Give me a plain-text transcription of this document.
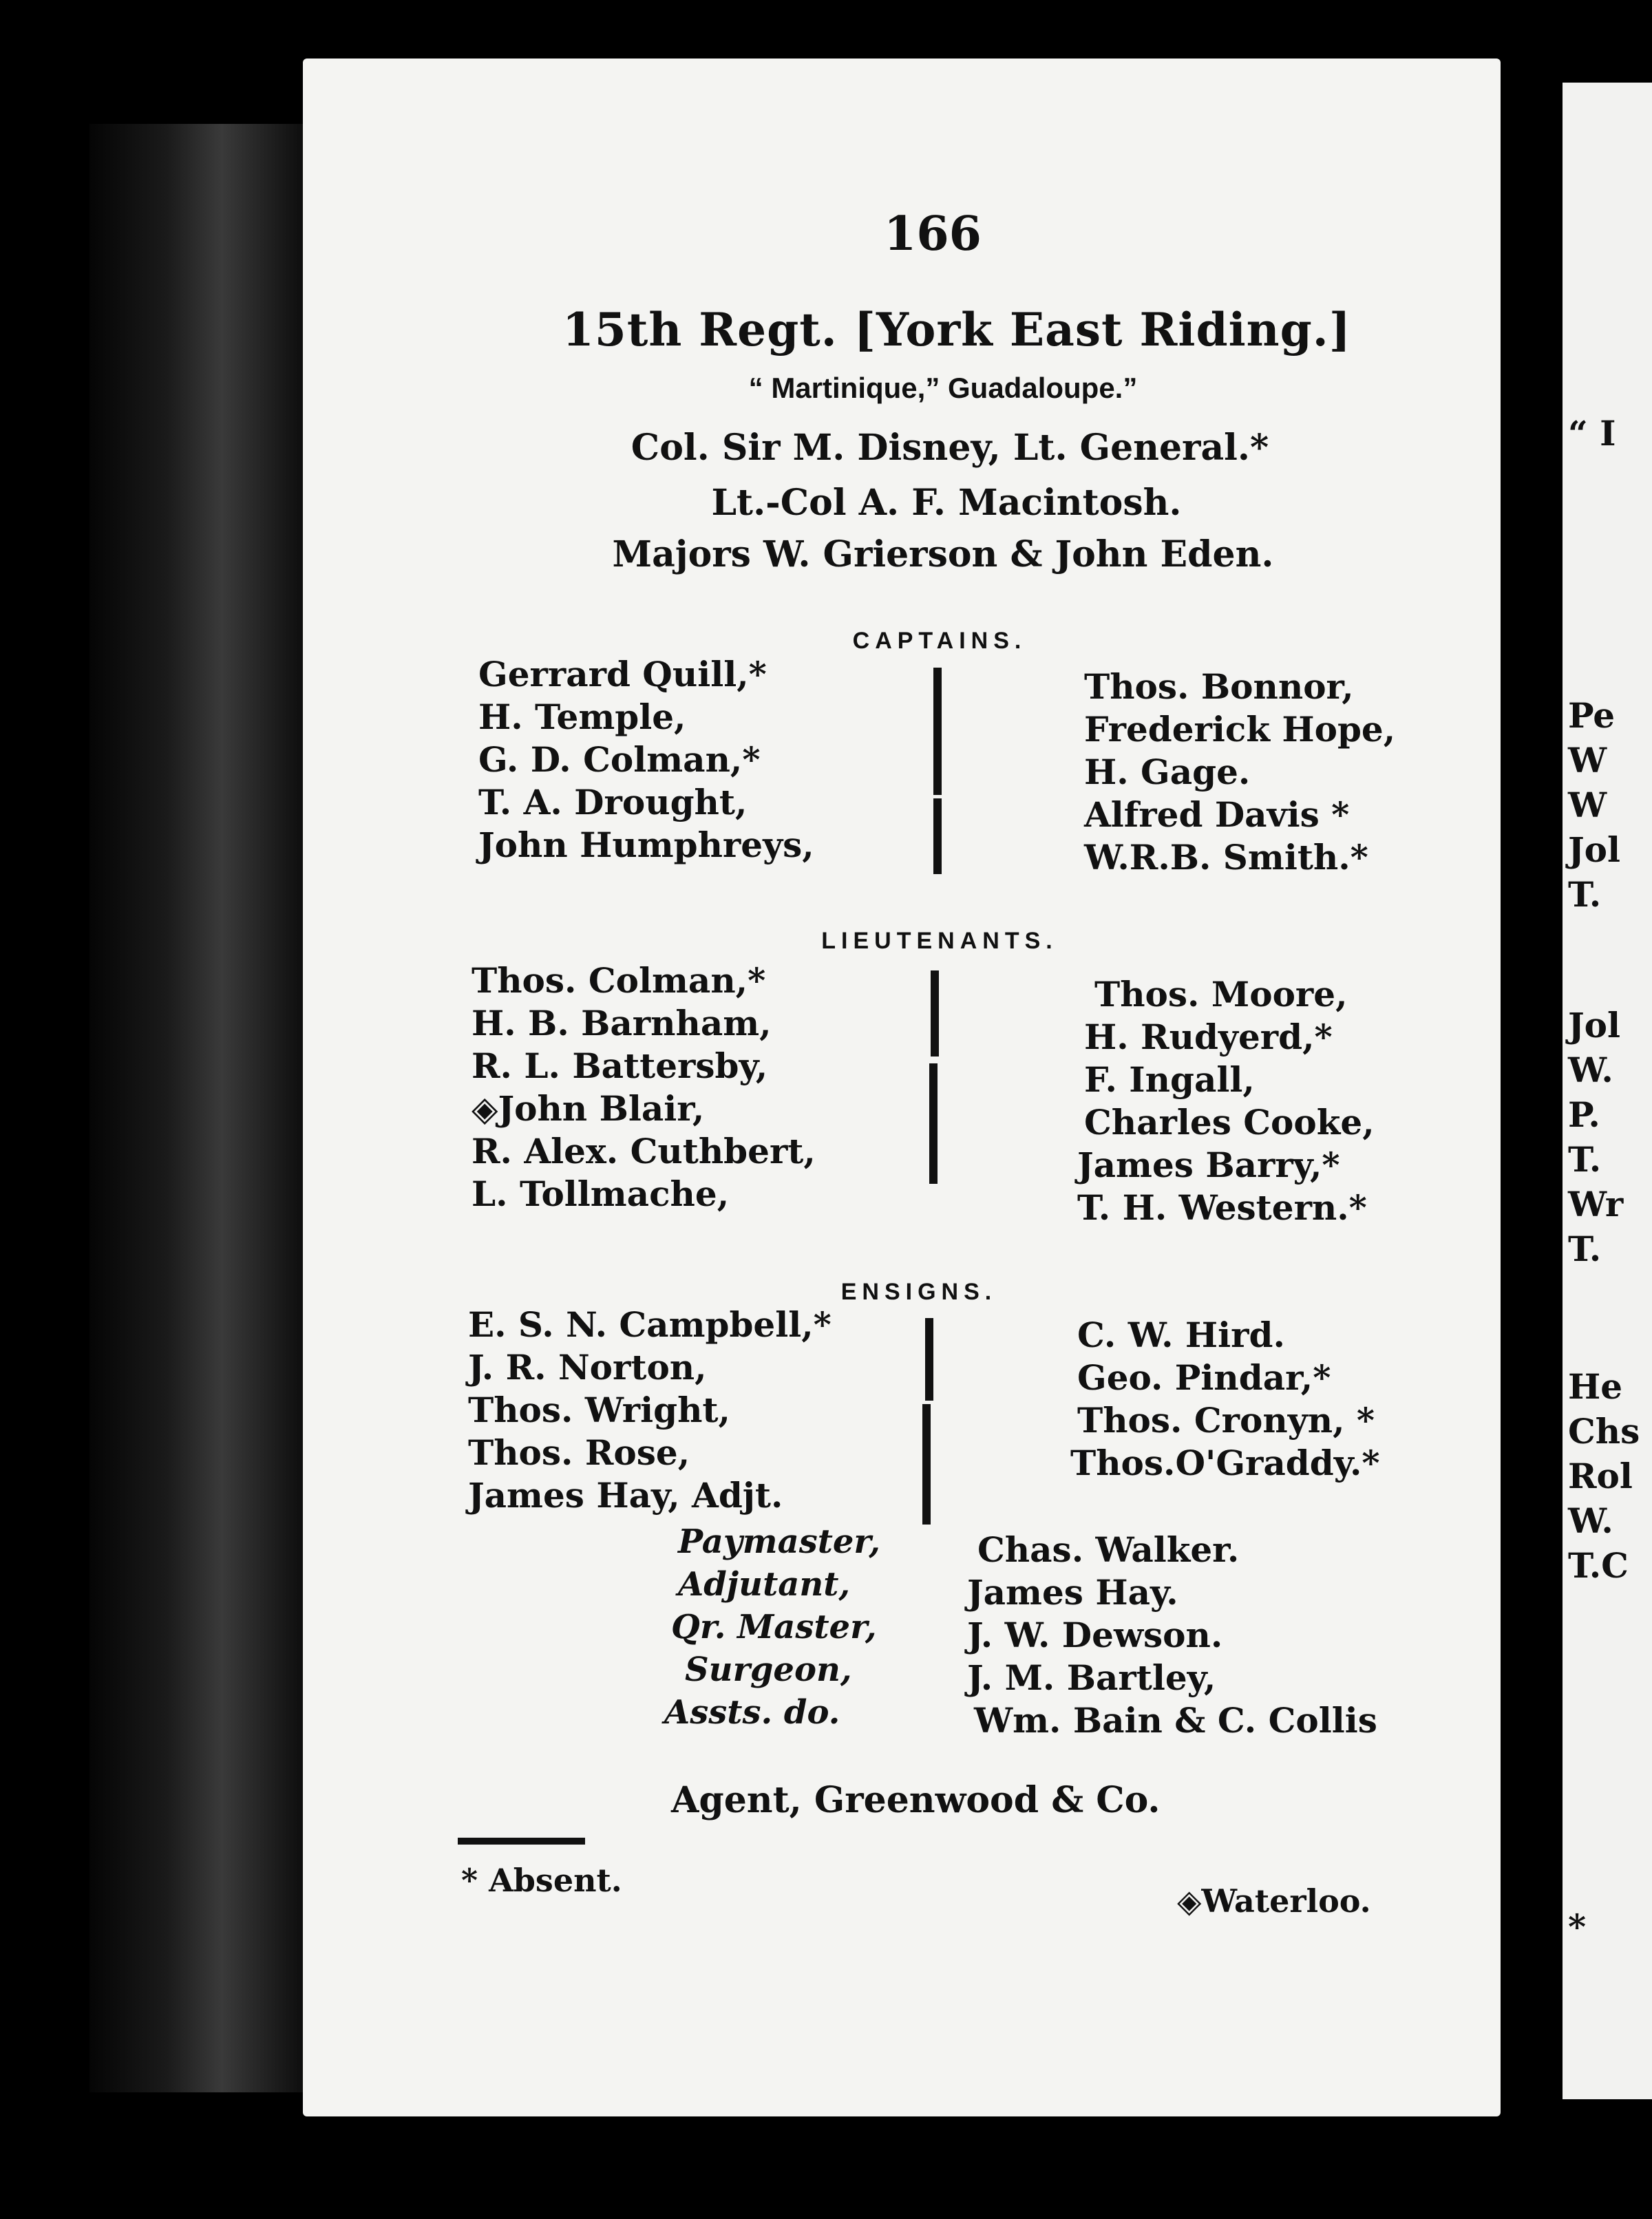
“ I
Pe
W
W
Jol
T.
Jol
W.
P.
T.
Wr
T.
He
Chs
Rol
W.
T.C
*
166
15th Regt. [York East Riding.]
“ Martinique,” Guadaloupe.”
Col. Sir M. Disney, Lt. General.*
Lt.-Col A. F. Macintosh.
Majors W. Grierson & John Eden.
CAPTAINS.
Gerrard Quill,*
H. Temple,
G. D. Colman,*
T. A. Drought,
John Humphreys,
Thos. Bonnor,
Frederick Hope,
H. Gage.
Alfred Davis *
W.R.B. Smith.*
LIEUTENANTS.
Thos. Colman,*
H. B. Barnham,
R. L. Battersby,
◈John Blair,
R. Alex. Cuthbert,
L. Tollmache,
Thos. Moore,
H. Rudyerd,*
F. Ingall,
Charles Cooke,
James Barry,*
T. H. Western.*
ENSIGNS.
E. S. N. Campbell,*
J. R. Norton,
Thos. Wright,
Thos. Rose,
James Hay, Adjt.
C. W. Hird.
Geo. Pindar,*
Thos. Cronyn, *
Thos.O'Graddy.*
Paymaster,	Chas. Walker.
Adjutant,	James Hay.
Qr. Master,	J. W. Dewson.
Surgeon,	J. M. Bartley,
Assts. do.	Wm. Bain & C. Collis
Agent, Greenwood & Co.
* Absent.
◈Waterloo.
